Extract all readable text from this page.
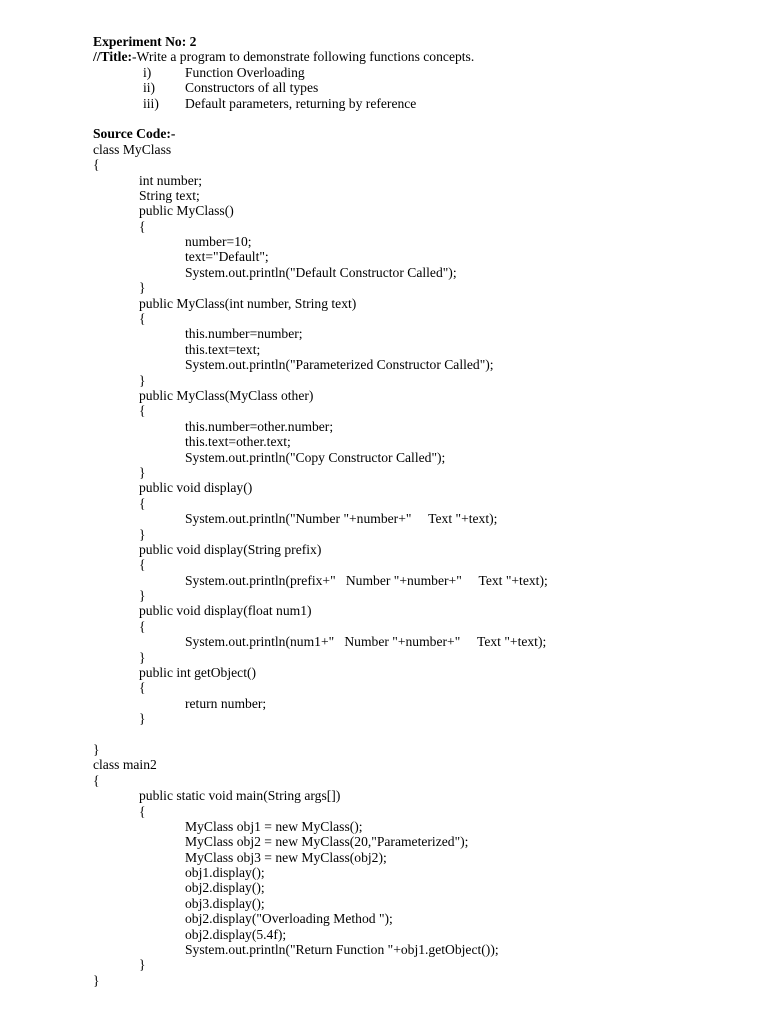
Experiment No: 2
//Title:-Write a program to demonstrate following functions concepts.
i) Function Overloading
ii) Constructors of all types
iii) Default parameters, returning by reference
Source Code:-
class MyClass
{
int number;
String text;
public MyClass()
{
number=10;
text="Default";
System.out.println("Default Constructor Called");
}
public MyClass(int number, String text)
{
this.number=number;
this.text=text;
System.out.println("Parameterized Constructor Called");
}
public MyClass(MyClass other)
{
this.number=other.number;
this.text=other.text;
System.out.println("Copy Constructor Called");
}
public void display()
{
System.out.println("Number "+number+"     Text "+text);
}
public void display(String prefix)
{
System.out.println(prefix+"   Number "+number+"     Text "+text);
}
public void display(float num1)
{
System.out.println(num1+"   Number "+number+"     Text "+text);
}
public int getObject()
{
return number;
}
}
class main2
{
public static void main(String args[])
{
MyClass obj1 = new MyClass();
MyClass obj2 = new MyClass(20,"Parameterized");
MyClass obj3 = new MyClass(obj2);
obj1.display();
obj2.display();
obj3.display();
obj2.display("Overloading Method ");
obj2.display(5.4f);
System.out.println("Return Function "+obj1.getObject());
}
}
